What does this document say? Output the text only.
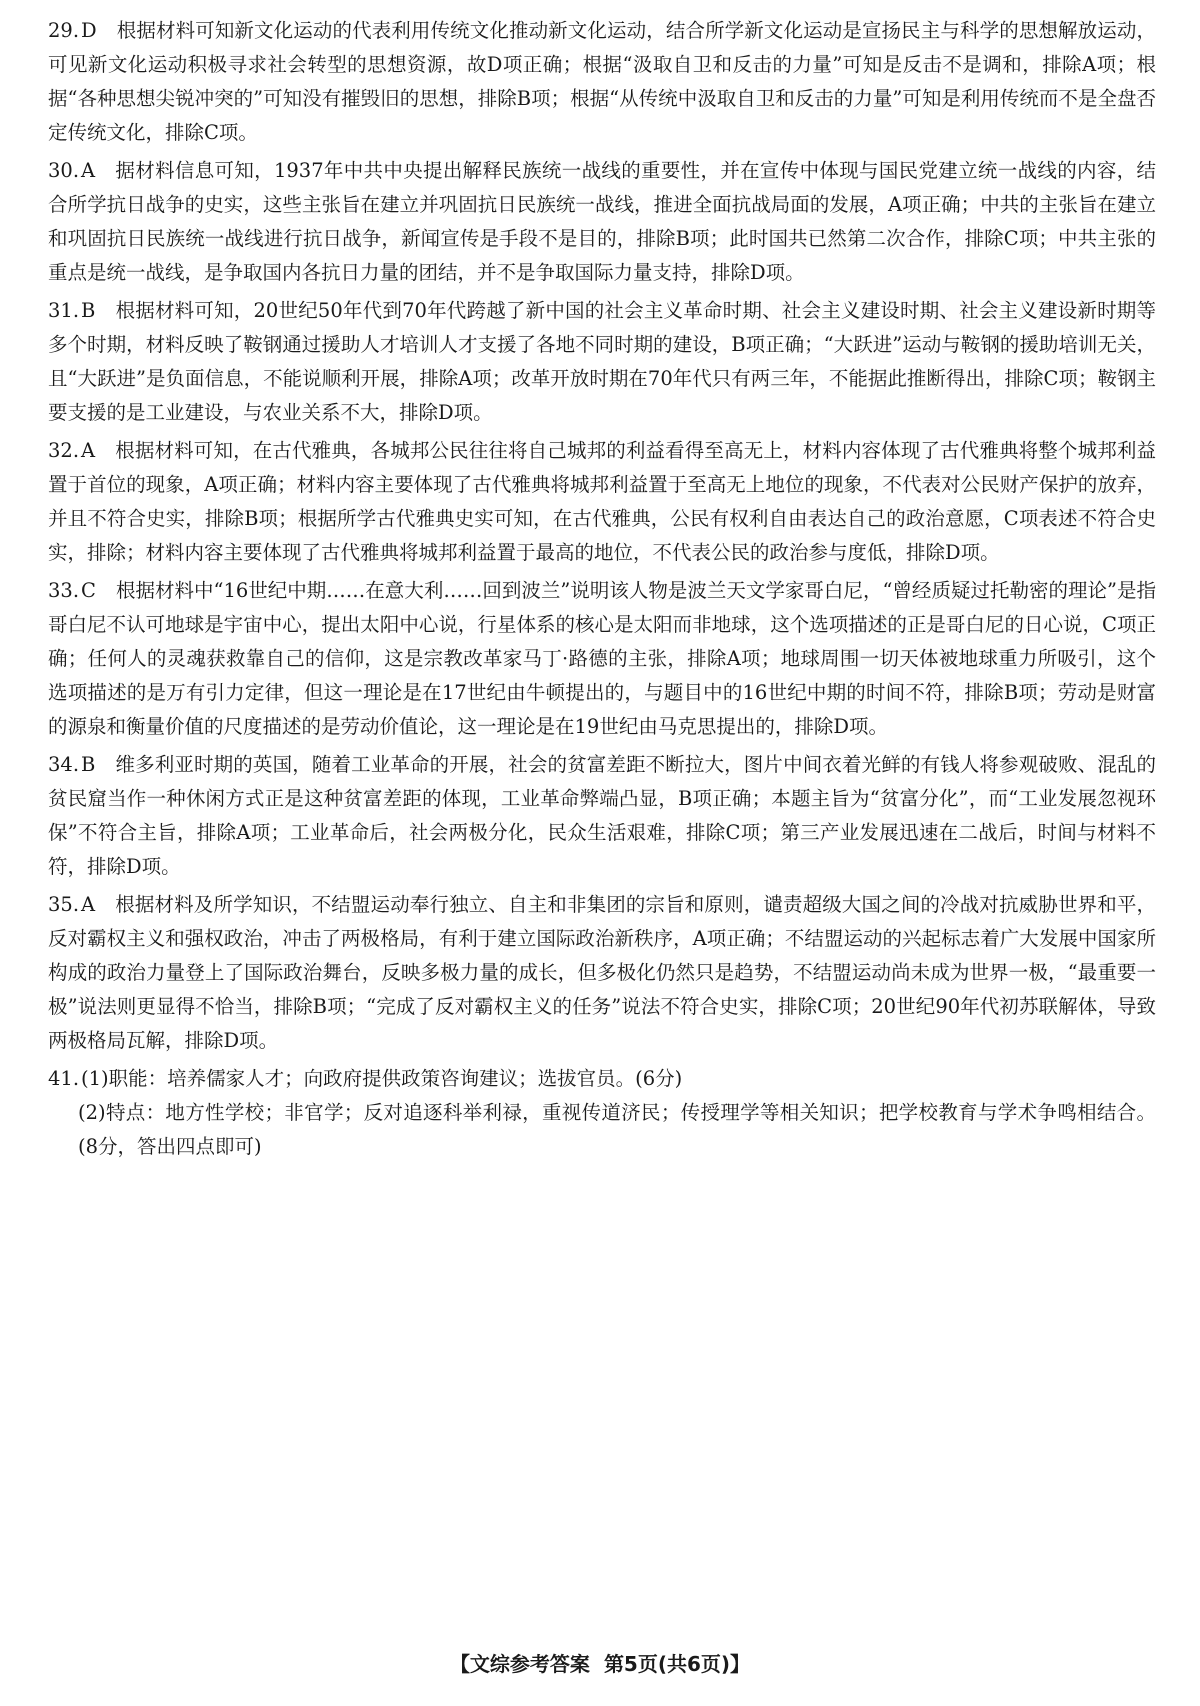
29. D 根据材料可知新文化运动的代表利用传统文化推动新文化运动，结合所学新文化运动是宣扬民主与科学的思想解放运动，可见新文化运动积极寻求社会转型的思想资源，故D项正确；根据“汲取自卫和反击的力量”可知是反击不是调和，排除A项；根据“各种思想尖锐冲突的”可知没有摧毁旧的思想，排除B项；根据“从传统中汲取自卫和反击的力量”可知是利用传统而不是全盘否定传统文化，排除C项。
30. A 据材料信息可知，1937年中共中央提出解释民族统一战线的重要性，并在宣传中体现与国民党建立统一战线的内容，结合所学抗日战争的史实，这些主张旨在建立并巩固抗日民族统一战线，推进全面抗战局面的发展，A项正确；中共的主张旨在建立和巩固抗日民族统一战线进行抗日战争，新闻宣传是手段不是目的，排除B项；此时国共已然第二次合作，排除C项；中共主张的重点是统一战线，是争取国内各抗日力量的团结，并不是争取国际力量支持，排除D项。
31. B 根据材料可知，20世纪50年代到70年代跨越了新中国的社会主义革命时期、社会主义建设时期、社会主义建设新时期等多个时期，材料反映了鞍钢通过援助人才培训人才支援了各地不同时期的建设，B项正确；“大跃进”运动与鞍钢的援助培训无关，且“大跃进”是负面信息，不能说顺利开展，排除A项；改革开放时期在70年代只有两三年，不能据此推断得出，排除C项；鞍钢主要支援的是工业建设，与农业关系不大，排除D项。
32. A 根据材料可知，在古代雅典，各城邦公民往往将自己城邦的利益看得至高无上，材料内容体现了古代雅典将整个城邦利益置于首位的现象，A项正确；材料内容主要体现了古代雅典将城邦利益置于至高无上地位的现象，不代表对公民财产保护的放弃，并且不符合史实，排除B项；根据所学古代雅典史实可知，在古代雅典，公民有权利自由表达自己的政治意愿，C项表述不符合史实，排除；材料内容主要体现了古代雅典将城邦利益置于最高的地位，不代表公民的政治参与度低，排除D项。
33. C 根据材料中“16世纪中期……在意大利……回到波兰”说明该人物是波兰天文学家哥白尼，“曾经质疑过托勒密的理论”是指哥白尼不认可地球是宇宙中心，提出太阳中心说，行星体系的核心是太阳而非地球，这个选项描述的正是哥白尼的日心说，C项正确；任何人的灵魂获救靠自己的信仰，这是宗教改革家马丁·路德的主张，排除A项；地球周围一切天体被地球重力所吸引，这个选项描述的是万有引力定律，但这一理论是在17世纪由牛顿提出的，与题目中的16世纪中期的时间不符，排除B项；劳动是财富的源泉和衡量价值的尺度描述的是劳动价值论，这一理论是在19世纪由马克思提出的，排除D项。
34. B 维多利亚时期的英国，随着工业革命的开展，社会的贫富差距不断拉大，图片中间衣着光鲜的有钱人将参观破败、混乱的贫民窟当作一种休闲方式正是这种贫富差距的体现，工业革命弊端凸显，B项正确；本题主旨为“贫富分化”，而“工业发展忽视环保”不符合主旨，排除A项；工业革命后，社会两极分化，民众生活艰难，排除C项；第三产业发展迅速在二战后，时间与材料不符，排除D项。
35. A 根据材料及所学知识，不结盟运动奉行独立、自主和非集团的宗旨和原则，谴责超级大国之间的冷战对抗威胁世界和平，反对霸权主义和强权政治，冲击了两极格局，有利于建立国际政治新秩序，A项正确；不结盟运动的兴起标志着广大发展中国家所构成的政治力量登上了国际政治舞台，反映多极力量的成长，但多极化仍然只是趋势，不结盟运动尚未成为世界一极，“最重要一极”说法则更显得不恰当，排除B项；“完成了反对霸权主义的任务”说法不符合史实，排除C项；20世纪90年代初苏联解体，导致两极格局瓦解，排除D项。
41. (1)职能：培养儒家人才；向政府提供政策咨询建议；选拔官员。(6分)
(2)特点：地方性学校；非官学；反对追逐科举利禄，重视传道济民；传授理学等相关知识；把学校教育与学术争鸣相结合。(8分，答出四点即可)
【文综参考答案 第5页(共6页)】
